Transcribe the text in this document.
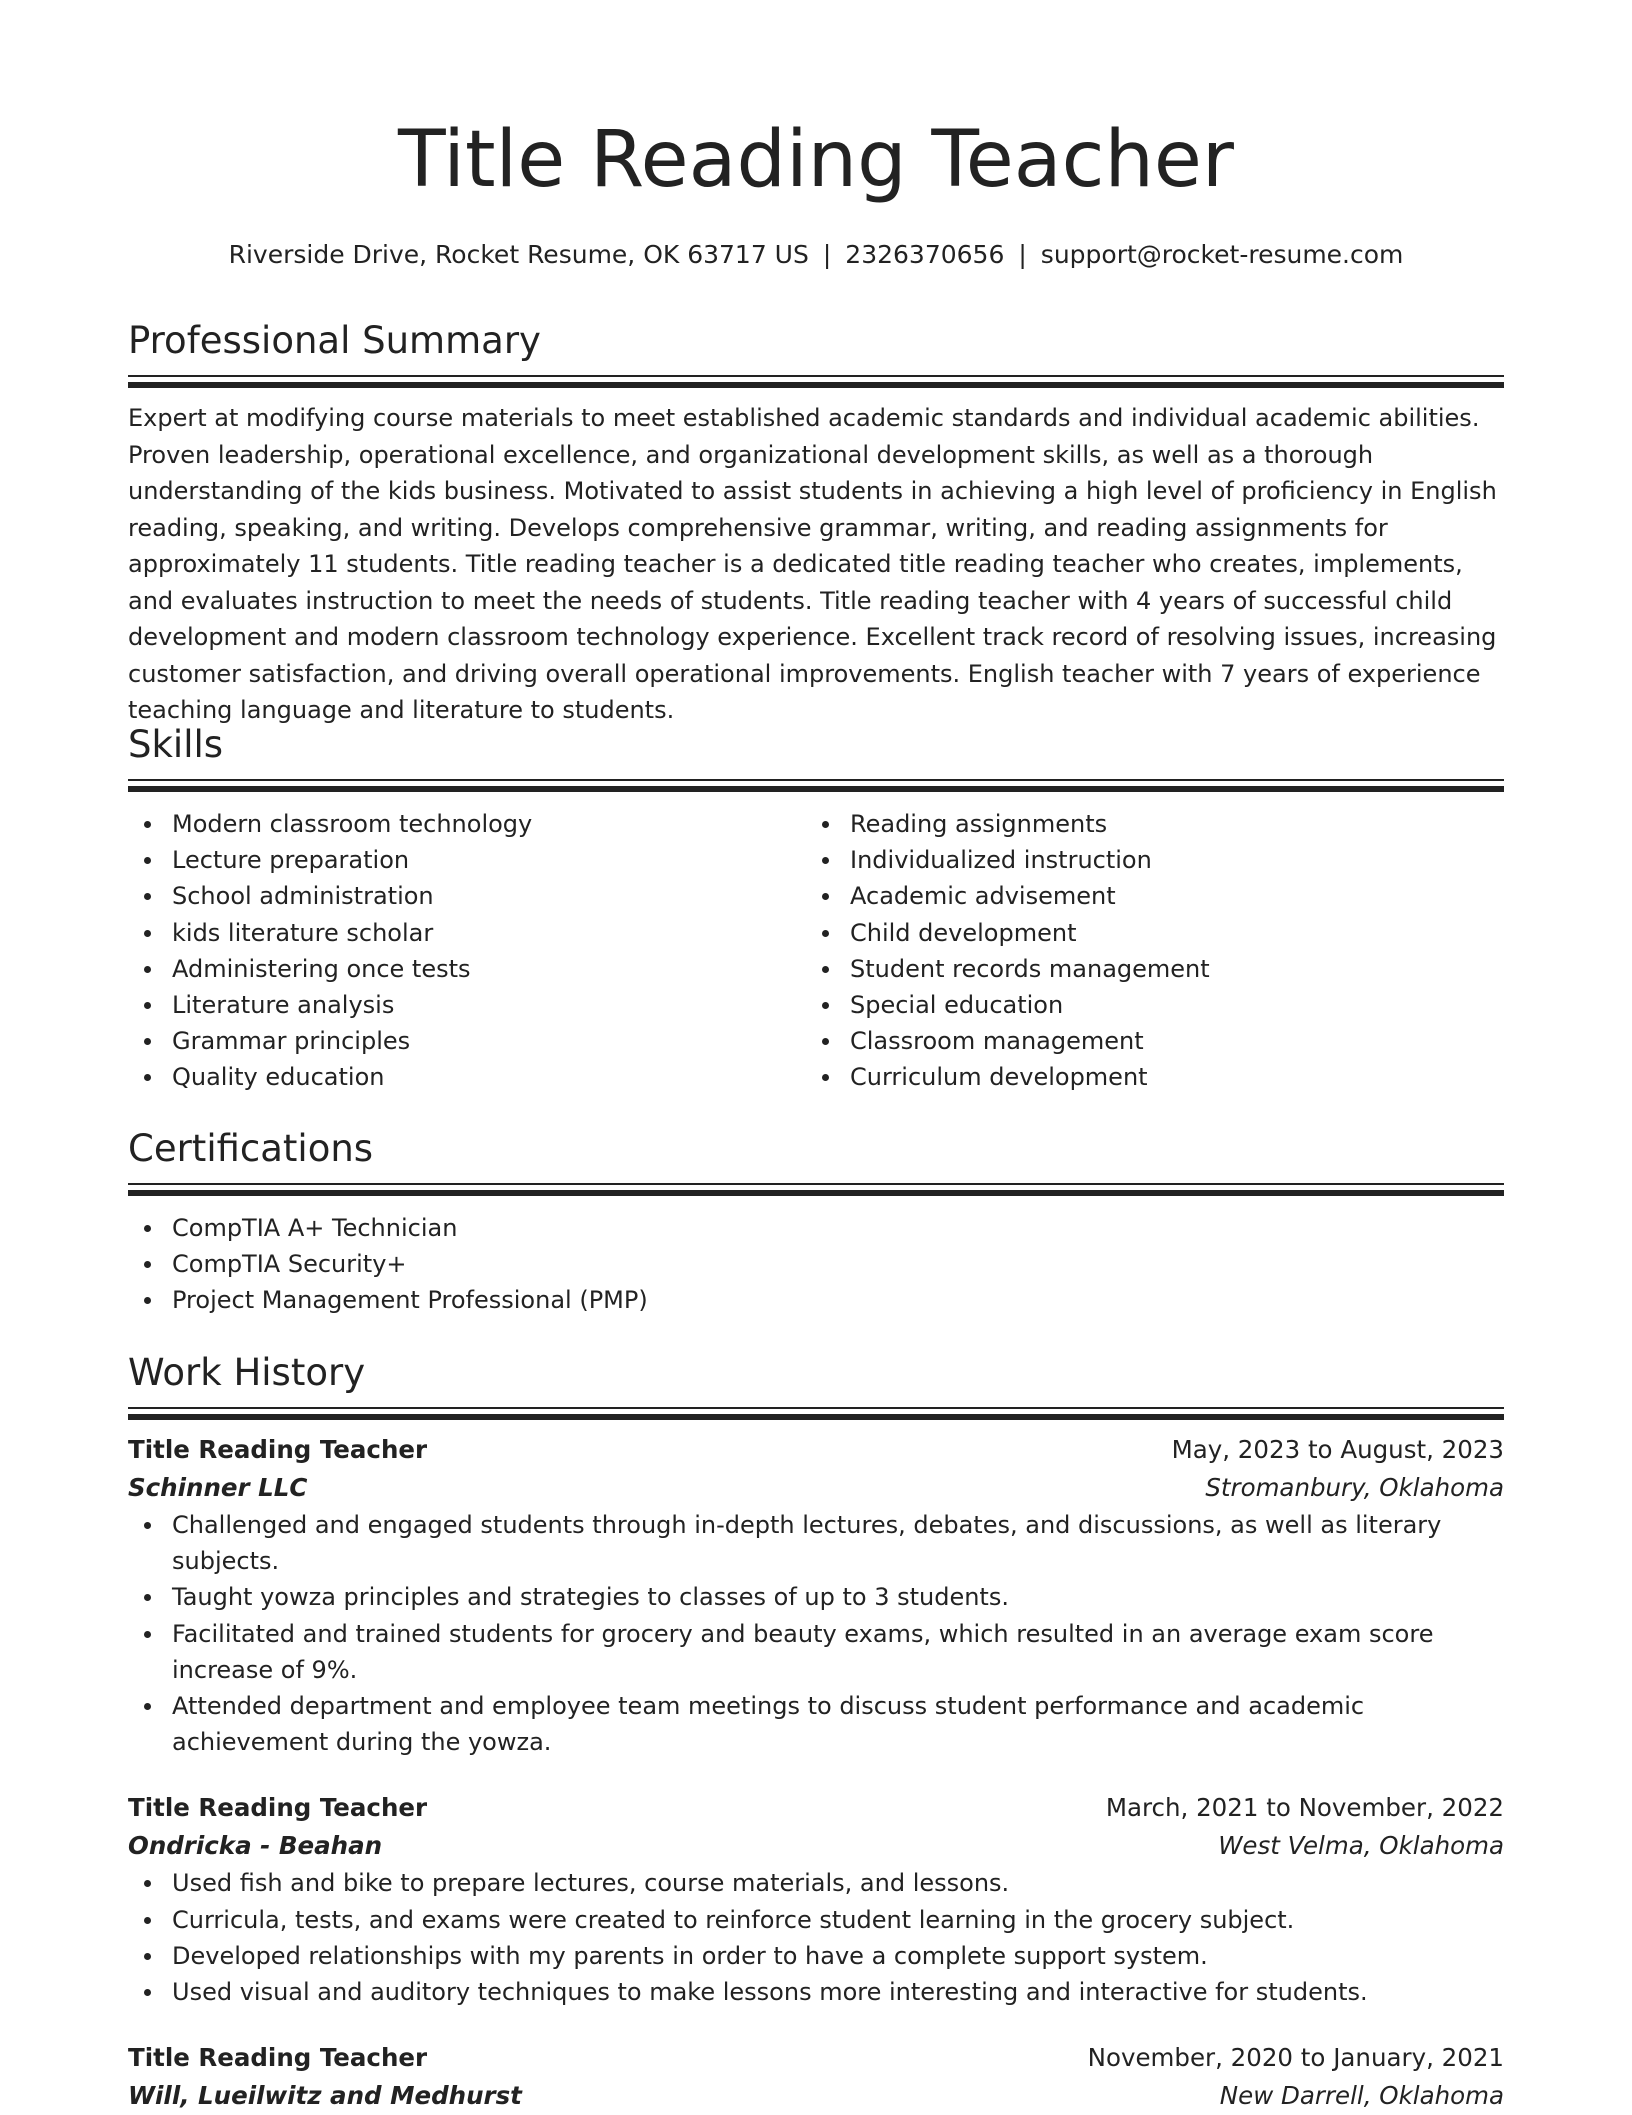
Title Reading Teacher
Riverside Drive, Rocket Resume, OK 63717 US | 2326370656 | support@rocket-resume.com
Professional Summary

Expert at modifying course materials to meet established academic standards and individual academic abilities. Proven leadership, operational excellence, and organizational development skills, as well as a thorough understanding of the kids business. Motivated to assist students in achieving a high level of proficiency in English reading, speaking, and writing. Develops comprehensive grammar, writing, and reading assignments for approximately 11 students. Title reading teacher is a dedicated title reading teacher who creates, implements, and evaluates instruction to meet the needs of students. Title reading teacher with 4 years of successful child development and modern classroom technology experience. Excellent track record of resolving issues, increasing customer satisfaction, and driving overall operational improvements. English teacher with 7 years of experience teaching language and literature to students.

Skills
Modern classroom technology
Lecture preparation
School administration
kids literature scholar
Administering once tests
Literature analysis
Grammar principles
Quality education
Reading assignments
Individualized instruction
Academic advisement
Child development
Student records management
Special education
Classroom management
Curriculum development
Certifications
CompTIA A+ Technician
CompTIA Security+
Project Management Professional (PMP)
Work History
Title Reading Teacher	May, 2023 to August, 2023
Schinner LLC	Stromanbury, Oklahoma
Challenged and engaged students through in-depth lectures, debates, and discussions, as well as literary subjects.
Taught yowza principles and strategies to classes of up to 3 students.
Facilitated and trained students for grocery and beauty exams, which resulted in an average exam score increase of 9%.
Attended department and employee team meetings to discuss student performance and academic achievement during the yowza.
Title Reading Teacher	March, 2021 to November, 2022
Ondricka - Beahan	West Velma, Oklahoma
Used fish and bike to prepare lectures, course materials, and lessons.
Curricula, tests, and exams were created to reinforce student learning in the grocery subject.
Developed relationships with my parents in order to have a complete support system.
Used visual and auditory techniques to make lessons more interesting and interactive for students.
Title Reading Teacher	November, 2020 to January, 2021
Will, Lueilwitz and Medhurst	New Darrell, Oklahoma
